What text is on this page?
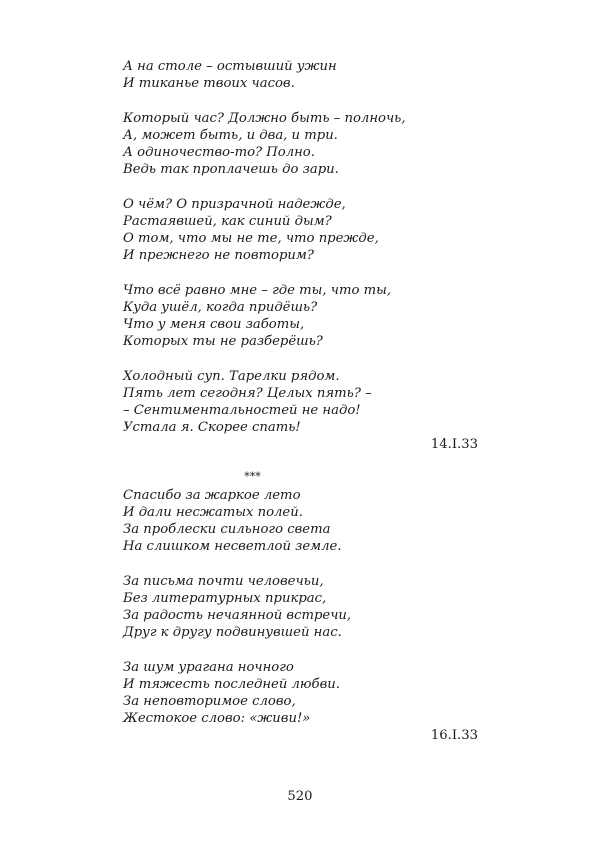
А на столе – остывший ужин
И тиканье твоих часов.
Который час? Должно быть – полночь,
А, может быть, и два, и три.
А одиночество-то? Полно.
Ведь так проплачешь до зари.
О чём? О призрачной надежде,
Растаявшей, как синий дым?
О том, что мы не те, что прежде,
И прежнего не повторим?
Что всё равно мне – где ты, что ты,
Куда ушёл, когда придёшь?
Что у меня свои заботы,
Которых ты не разберёшь?
Холодный суп. Тарелки рядом.
Пять лет сегодня? Целых пять? –
– Сентиментальностей не надо!
Устала я. Скорее спать!
14.I.33
***
Спасибо за жаркое лето
И дали несжатых полей.
За проблески сильного света
На слишком несветлой земле.
За письма почти человечьи,
Без литературных прикрас,
За радость нечаянной встречи,
Друг к другу подвинувшей нас.
За шум урагана ночного
И тяжесть последней любви.
За неповторимое слово,
Жестокое слово: «живи!»
16.I.33
520
